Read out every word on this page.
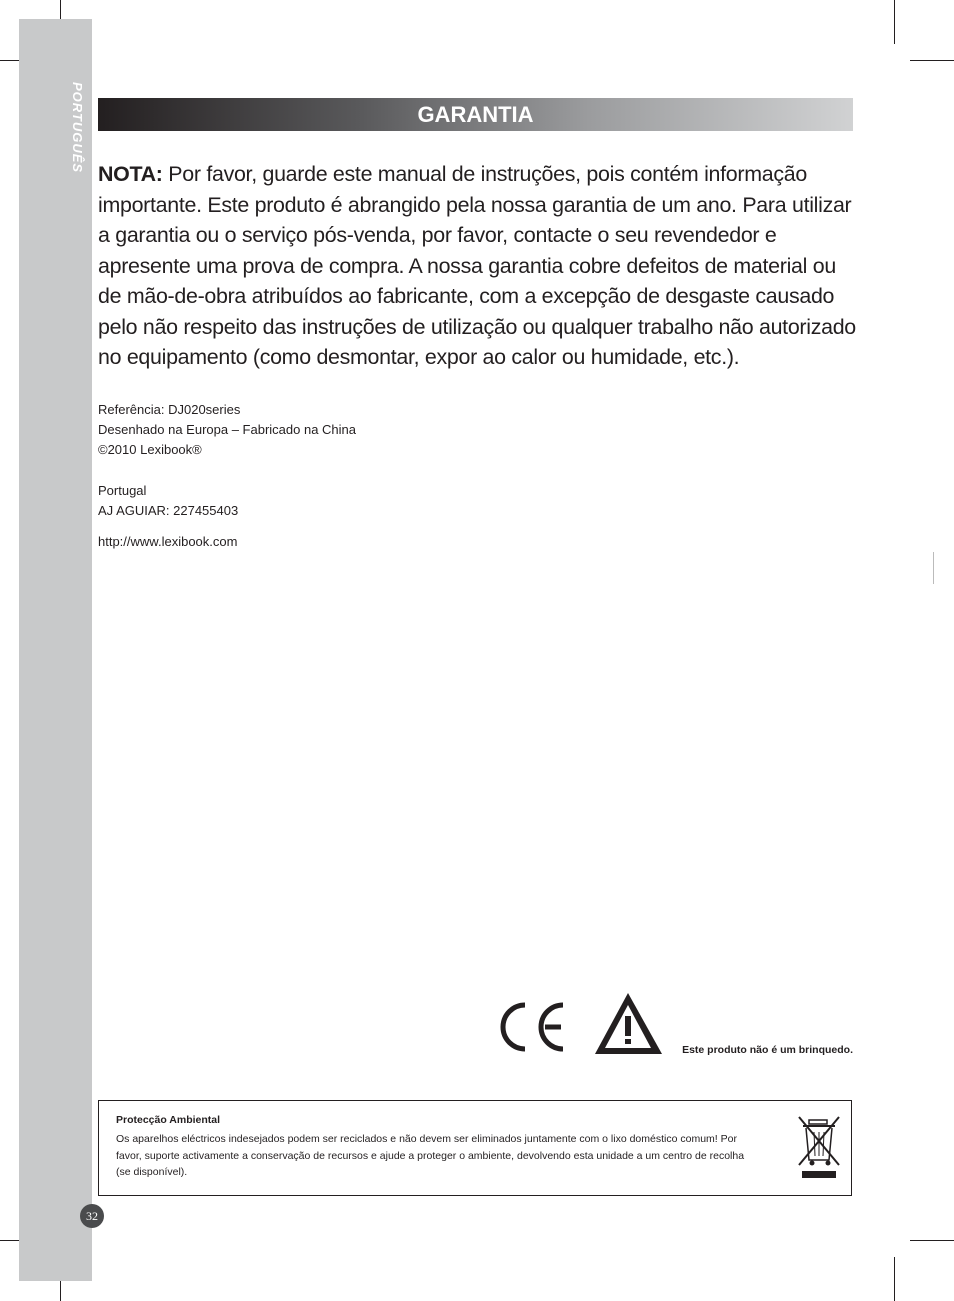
PORTUGUÊS
32
GARANTIA
NOTA: Por favor, guarde este manual de instruções, pois contém informação importante. Este produto é abrangido pela nossa garantia de um ano. Para utilizar a garantia ou o serviço pós-venda, por favor, contacte o seu revendedor e apresente uma prova de compra. A nossa garantia cobre defeitos de material ou de mão-de-obra atribuídos ao fabricante, com a excepção de desgaste causado pelo não respeito das instruções de utilização ou qualquer trabalho não autorizado no equipamento (como desmontar, expor ao calor ou humidade, etc.).
Referência: DJ020series
Desenhado na Europa – Fabricado na China
©2010 Lexibook®
Portugal
AJ AGUIAR: 227455403
http://www.lexibook.com
Este produto não é um brinquedo.
Protecção Ambiental
Os aparelhos eléctricos indesejados podem ser reciclados e não devem ser eliminados juntamente com o lixo doméstico comum! Por favor, suporte activamente a conservação de recursos e ajude a proteger o ambiente, devolvendo esta unidade a um centro de recolha (se disponível).
